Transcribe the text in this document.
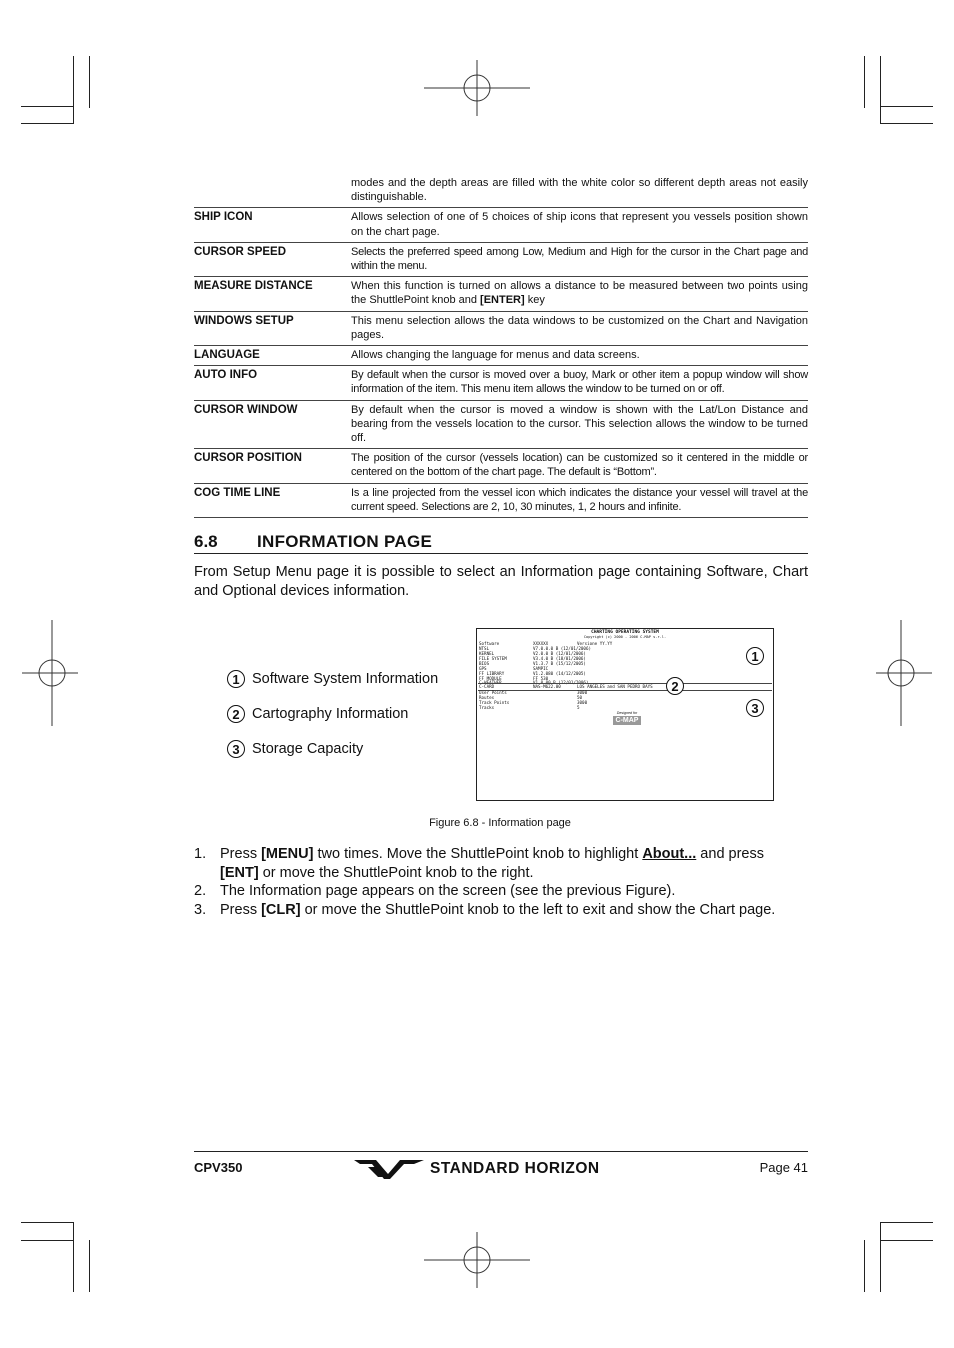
modes and the depth areas are filled with the white color so different depth areas not easily distinguishable.
SHIP ICON	Allows selection of one of 5 choices of ship icons that represent you vessels position shown on the chart page.
CURSOR SPEED	Selects the preferred speed among Low, Medium and High for the cursor in the Chart page and within the menu.
MEASURE DISTANCE	When this function is turned on allows a distance to be measured between two points using the ShuttlePoint knob and [ENTER] key
WINDOWS SETUP	This menu selection allows the data windows to be customized on the Chart and Navigation pages.
LANGUAGE	Allows changing the language for menus and data screens.
AUTO INFO	By default when the cursor is moved over a buoy, Mark or other item a popup window will show information of the item. This menu item allows the window to be turned on or off.
CURSOR WINDOW	By default when the cursor is moved a window is shown with the Lat/Lon Distance and bearing from the vessels location to the cursor. This selection allows the window to be turned off.
CURSOR POSITION	The position of the cursor (vessels location) can be customized so it centered in the middle or centered on the bottom of the chart page. The default is “Bottom”.
COG TIME LINE	Is a line projected from the vessel icon which indicates the distance your vessel will travel at the current speed. Selections are 2, 10, 30 minutes, 1, 2 hours and infinite.
6.8 INFORMATION PAGE
From Setup Menu page it is possible to select an Information page containing Software, Chart and Optional devices information.
1 Software System Information
2 Cartography Information
3 Storage Capacity
CHARTING OPERATING SYSTEM
Copyright (c) 2000 - 2006 C-MAP s.r.l.
Software	XXXXXX	Versione YY.YY
NTSL	V7.0.0.0 B (12/01/2006)
KERNEL	V2.0.0 B (12/01/2006)
FILE SYSTEM	V3.4.0 B (18/01/2006)
BIOS	V1.3.7 B (15/12/2005)
GPS	SAMPIC
FF LIBRARY	V1.2.080 (14/12/2005)
FF MODULE	FF 530
C-WEATHER	V1.0.00 B (12/01/2006)
C-CARD	NAS-M622.00	LOS ANGELES and SAN PEDRO BAYS
User Points	3000
Routes	50
Track Points	3000
Tracks	5
Designed for
C-MAP
1
2
3
Figure 6.8 - Information page
1. Press [MENU] two times. Move the ShuttlePoint knob to highlight About... and press
[ENT] or move the ShuttlePoint knob to the right.
2. The Information page appears on the screen (see the previous Figure).
3. Press [CLR] or move the ShuttlePoint knob to the left to exit and show the Chart page.
CPV350	STANDARD HORIZON	Page 41
